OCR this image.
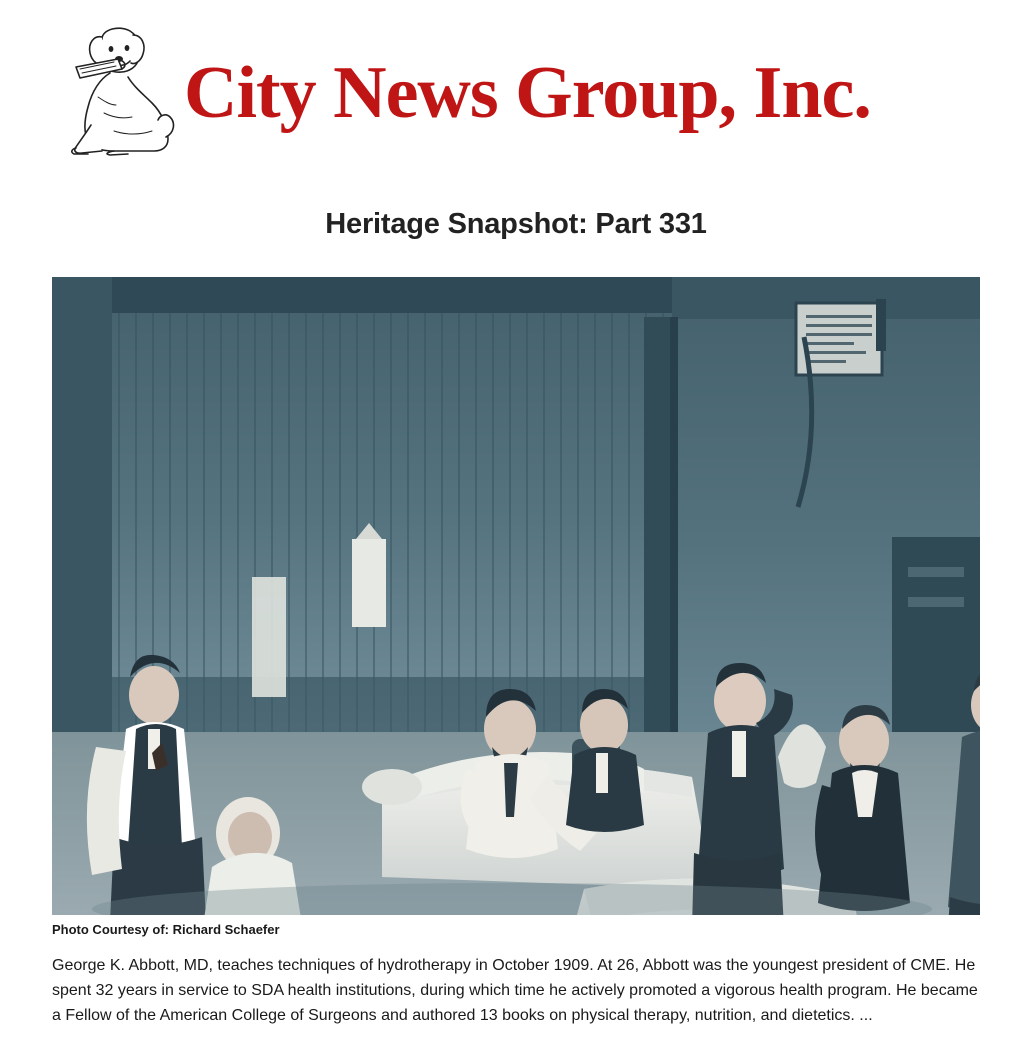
City News Group, Inc.
Heritage Snapshot: Part 331
Photo Courtesy of: Richard Schaefer

George K. Abbott, MD, teaches techniques of hydrotherapy in October 1909. At 26, Abbott was the youngest president of CME. He spent 32 years in service to SDA health institutions, during which time he actively promoted a vigorous health program. He became a Fellow of the American College of Surgeons and authored 13 books on physical therapy, nutrition, and dietetics. ...
